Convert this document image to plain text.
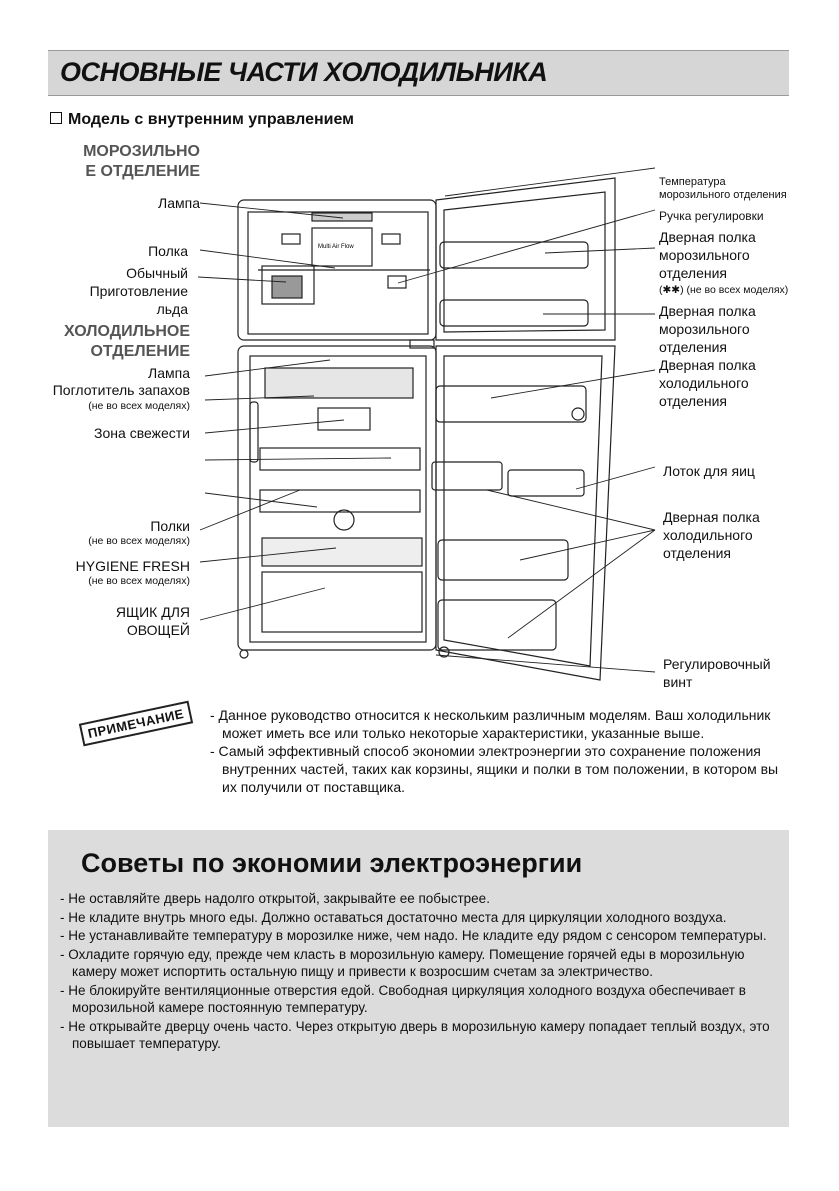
ОСНОВНЫЕ ЧАСТИ ХОЛОДИЛЬНИКА
Модель с внутренним управлением
Multi Air Flow
МОРОЗИЛЬНО
Е ОТДЕЛЕНИЕ
Лампа
Полка
Обычный
Приготовление
льда
ХОЛОДИЛЬНОЕ
ОТДЕЛЕНИЕ
Лампа
Поглотитель запахов
(не во всех моделях)
Зона свежести
Полки
(не во всех моделях)
HYGIENE FRESH
(не во всех моделях)
ЯЩИК ДЛЯ
ОВОЩЕЙ
Температура
морозильного отделения
Ручка регулировки
Дверная полка
морозильного
отделения
(✱✱) (не во всех моделях)
Дверная полка
морозильного
отделения
Дверная полка
холодильного
отделения
Лоток для яиц
Дверная полка
холодильного
отделения
Регулировочный
винт
ПРИМЕЧАНИЕ	- Данное руководство относится к нескольким различным моделям. Ваш холодильник может иметь все или только некоторые характеристики, указанные выше.

- Самый эффективный способ экономии электроэнергии это сохранение положения внутренних частей, таких как корзины, ящики и полки в том положении, в котором вы их получили от поставщика.

Советы по экономии электроэнергии
- Не оставляйте дверь надолго открытой, закрывайте ее побыстрее.
- Не кладите внутрь много еды. Должно оставаться достаточно места для циркуляции холодного воздуха.
- Не устанавливайте температуру в морозилке ниже, чем надо. Не кладите еду рядом с сенсором температуры.
- Охладите горячую еду, прежде чем класть в морозильную камеру. Помещение горячей еды в морозильную камеру может испортить остальную пищу и привести к возросшим счетам за электричество.
- Не блокируйте вентиляционные отверстия едой. Свободная циркуляция холодного воздуха обеспечивает в морозильной камере постоянную температуру.
- Не открывайте дверцу очень часто. Через открытую дверь в морозильную камеру попадает теплый воздух, это повышает температуру.
